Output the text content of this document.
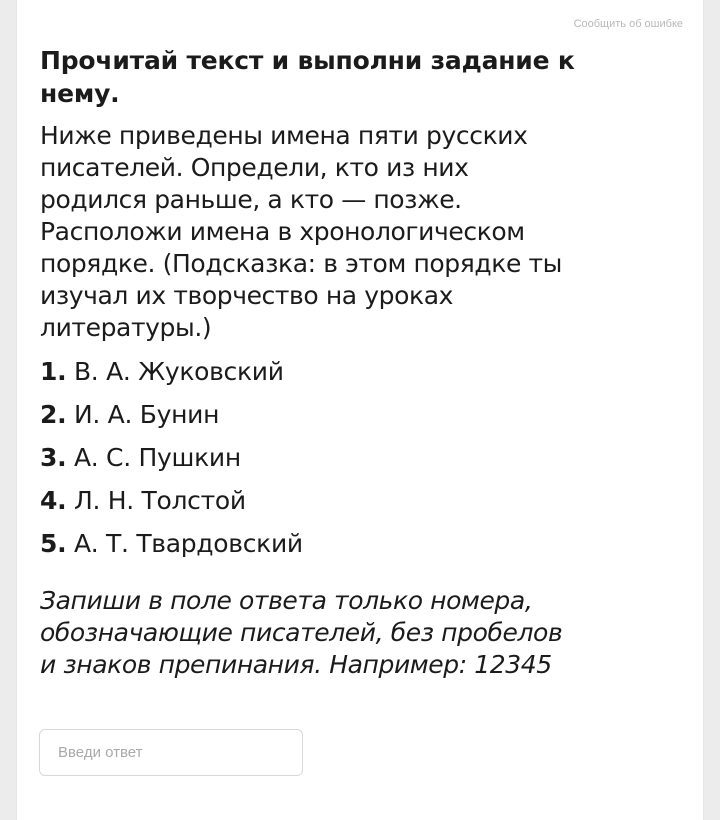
Сообщить об ошибке
Прочитай текст и выполни задание к нему.

Ниже приведены имена пяти русских писателей. Определи, кто из них родился раньше, а кто — позже. Расположи имена в хронологическом порядке. (Подсказка: в этом порядке ты изучал их творчество на уроках литературы.)

1. В. А. Жуковский
2. И. А. Бунин
3. А. С. Пушкин
4. Л. Н. Толстой
5. А. Т. Твардовский

Запиши в поле ответа только номера, обозначающие писателей, без пробелов и знаков препинания. Например: 12345

Введи ответ
